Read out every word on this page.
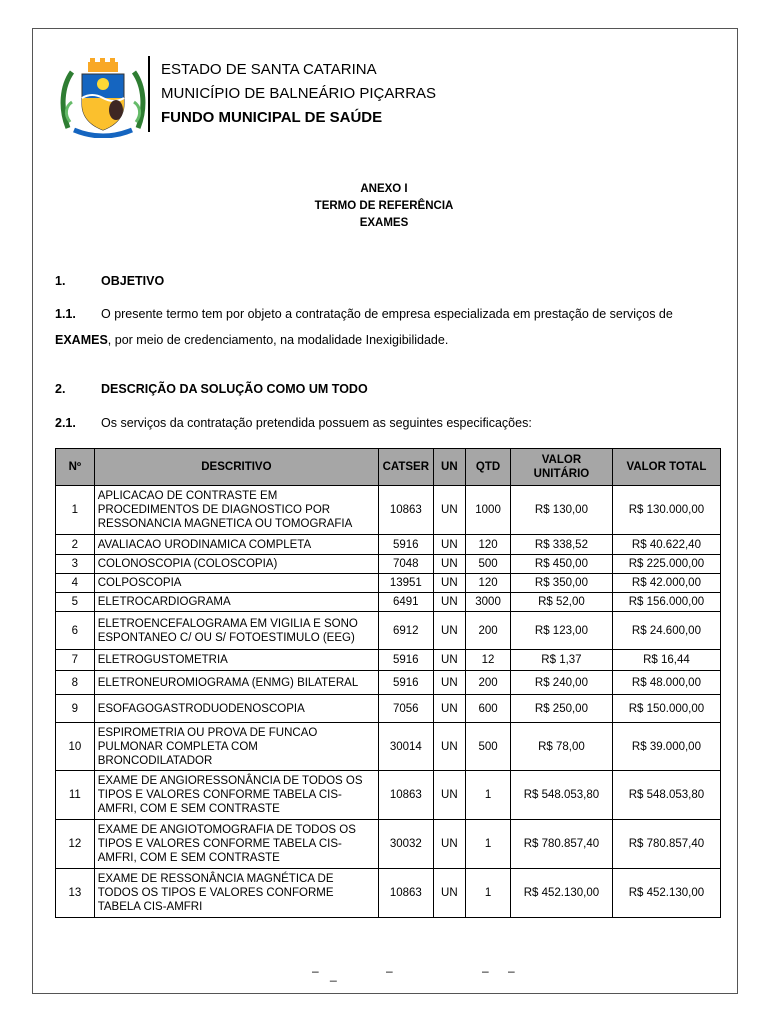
ESTADO DE SANTA CATARINA
MUNICÍPIO DE BALNEÁRIO PIÇARRAS
FUNDO MUNICIPAL DE SAÚDE
ANEXO I
TERMO DE REFERÊNCIA
EXAMES
1.	OBJETIVO
1.1. O presente termo tem por objeto a contratação de empresa especializada em prestação de serviços de
EXAMES, por meio de credenciamento, na modalidade Inexigibilidade.
2.	DESCRIÇÃO DA SOLUÇÃO COMO UM TODO
2.1. Os serviços da contratação pretendida possuem as seguintes especificações:
Nº	DESCRITIVO	CATSER	UN	QTD	VALOR UNITÁRIO	VALOR TOTAL
1	APLICACAO DE CONTRASTE EM PROCEDIMENTOS DE DIAGNOSTICO POR RESSONANCIA MAGNETICA OU TOMOGRAFIA	10863	UN	1000	R$ 130,00	R$ 130.000,00
2	AVALIACAO URODINAMICA COMPLETA	5916	UN	120	R$ 338,52	R$ 40.622,40
3	COLONOSCOPIA (COLOSCOPIA)	7048	UN	500	R$ 450,00	R$ 225.000,00
4	COLPOSCOPIA	13951	UN	120	R$ 350,00	R$ 42.000,00
5	ELETROCARDIOGRAMA	6491	UN	3000	R$ 52,00	R$ 156.000,00
6	ELETROENCEFALOGRAMA EM VIGILIA E SONO ESPONTANEO C/ OU S/ FOTOESTIMULO (EEG)	6912	UN	200	R$ 123,00	R$ 24.600,00
7	ELETROGUSTOMETRIA	5916	UN	12	R$ 1,37	R$ 16,44
8	ELETRONEUROMIOGRAMA (ENMG) BILATERAL	5916	UN	200	R$ 240,00	R$ 48.000,00
9	ESOFAGOGASTRODUODENOSCOPIA	7056	UN	600	R$ 250,00	R$ 150.000,00
10	ESPIROMETRIA OU PROVA DE FUNCAO PULMONAR COMPLETA COM BRONCODILATADOR	30014	UN	500	R$ 78,00	R$ 39.000,00
11	EXAME DE ANGIORESSONÂNCIA DE TODOS OS TIPOS E VALORES CONFORME TABELA CIS-AMFRI, COM E SEM CONTRASTE	10863	UN	1	R$ 548.053,80	R$ 548.053,80
12	EXAME DE ANGIOTOMOGRAFIA DE TODOS OS TIPOS E VALORES CONFORME TABELA CIS-AMFRI, COM E SEM CONTRASTE	30032	UN	1	R$ 780.857,40	R$ 780.857,40
13	EXAME DE RESSONÂNCIA MAGNÉTICA DE TODOS OS TIPOS E VALORES CONFORME TABELA CIS-AMFRI	10863	UN	1	R$ 452.130,00	R$ 452.130,00
– _	–	– –
